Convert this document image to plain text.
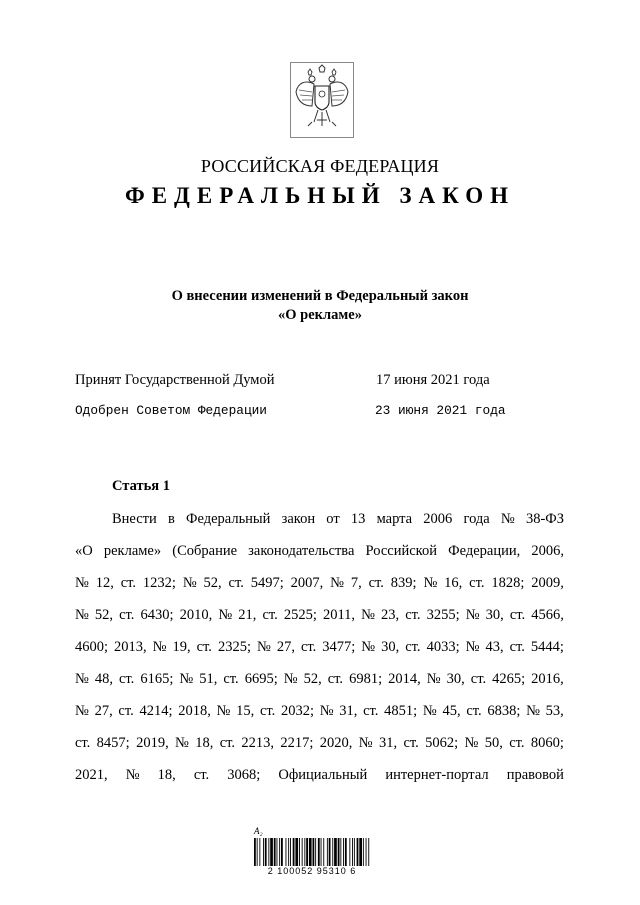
РОССИЙСКАЯ ФЕДЕРАЦИЯ
ФЕДЕРАЛЬНЫЙ ЗАКОН
О внесении изменений в Федеральный закон
«О рекламе»
Принят Государственной Думой	17 июня 2021 года
Одобрен Советом Федерации	23 июня 2021 года
Статья 1
Внести в Федеральный закон от 13 марта 2006 года № 38-ФЗ
«О рекламе» (Собрание законодательства Российской Федерации, 2006,
№ 12, ст. 1232; № 52, ст. 5497; 2007, № 7, ст. 839; № 16, ст. 1828; 2009,
№ 52, ст. 6430; 2010, № 21, ст. 2525; 2011, № 23, ст. 3255; № 30, ст. 4566,
4600; 2013, № 19, ст. 2325; № 27, ст. 3477; № 30, ст. 4033; № 43, ст. 5444;
№ 48, ст. 6165; № 51, ст. 6695; № 52, ст. 6981; 2014, № 30, ст. 4265; 2016,
№ 27, ст. 4214; 2018, № 15, ст. 2032; № 31, ст. 4851; № 45, ст. 6838; № 53,
ст. 8457; 2019, № 18, ст. 2213, 2217; 2020, № 31, ст. 5062; № 50, ст. 8060;
2021, № 18, ст. 3068; Официальный интернет-портал правовой
А₂
2 100052 95310 6
